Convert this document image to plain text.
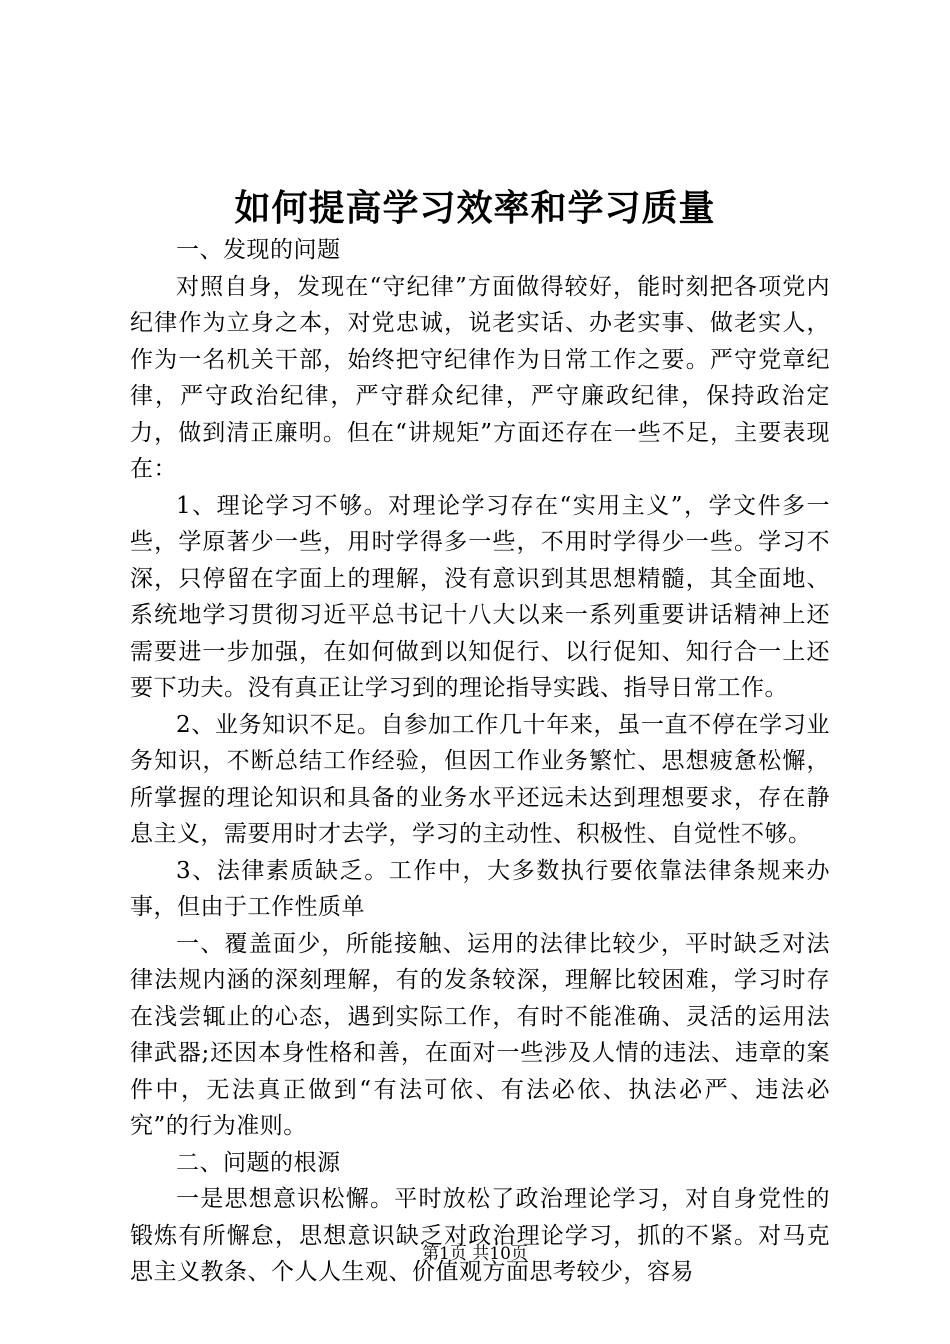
如何提高学习效率和学习质量

一、发现的问题

对照自身，发现在“守纪律”方面做得较好，能时刻把各项党内纪律作为立身之本，对党忠诚，说老实话、办老实事、做老实人，作为一名机关干部，始终把守纪律作为日常工作之要。严守党章纪律，严守政治纪律，严守群众纪律，严守廉政纪律，保持政治定力，做到清正廉明。但在“讲规矩”方面还存在一些不足，主要表现在：

1、理论学习不够。对理论学习存在“实用主义”，学文件多一些，学原著少一些，用时学得多一些，不用时学得少一些。学习不深，只停留在字面上的理解，没有意识到其思想精髓，其全面地、系统地学习贯彻习近平总书记十八大以来一系列重要讲话精神上还需要进一步加强，在如何做到以知促行、以行促知、知行合一上还要下功夫。没有真正让学习到的理论指导实践、指导日常工作。

2、业务知识不足。自参加工作几十年来，虽一直不停在学习业务知识，不断总结工作经验，但因工作业务繁忙、思想疲惫松懈，所掌握的理论知识和具备的业务水平还远未达到理想要求，存在静息主义，需要用时才去学，学习的主动性、积极性、自觉性不够。

3、法律素质缺乏。工作中，大多数执行要依靠法律条规来办事，但由于工作性质单

一、覆盖面少，所能接触、运用的法律比较少，平时缺乏对法律法规内涵的深刻理解，有的发条较深，理解比较困难，学习时存在浅尝辄止的心态，遇到实际工作，有时不能准确、灵活的运用法律武器;还因本身性格和善，在面对一些涉及人情的违法、违章的案件中，无法真正做到“有法可依、有法必依、执法必严、违法必究”的行为准则。

二、问题的根源

一是思想意识松懈。平时放松了政治理论学习，对自身党性的锻炼有所懈怠，思想意识缺乏对政治理论学习，抓的不紧。对马克思主义教条、个人人生观、价值观方面思考较少，容易

第1页 共10页
